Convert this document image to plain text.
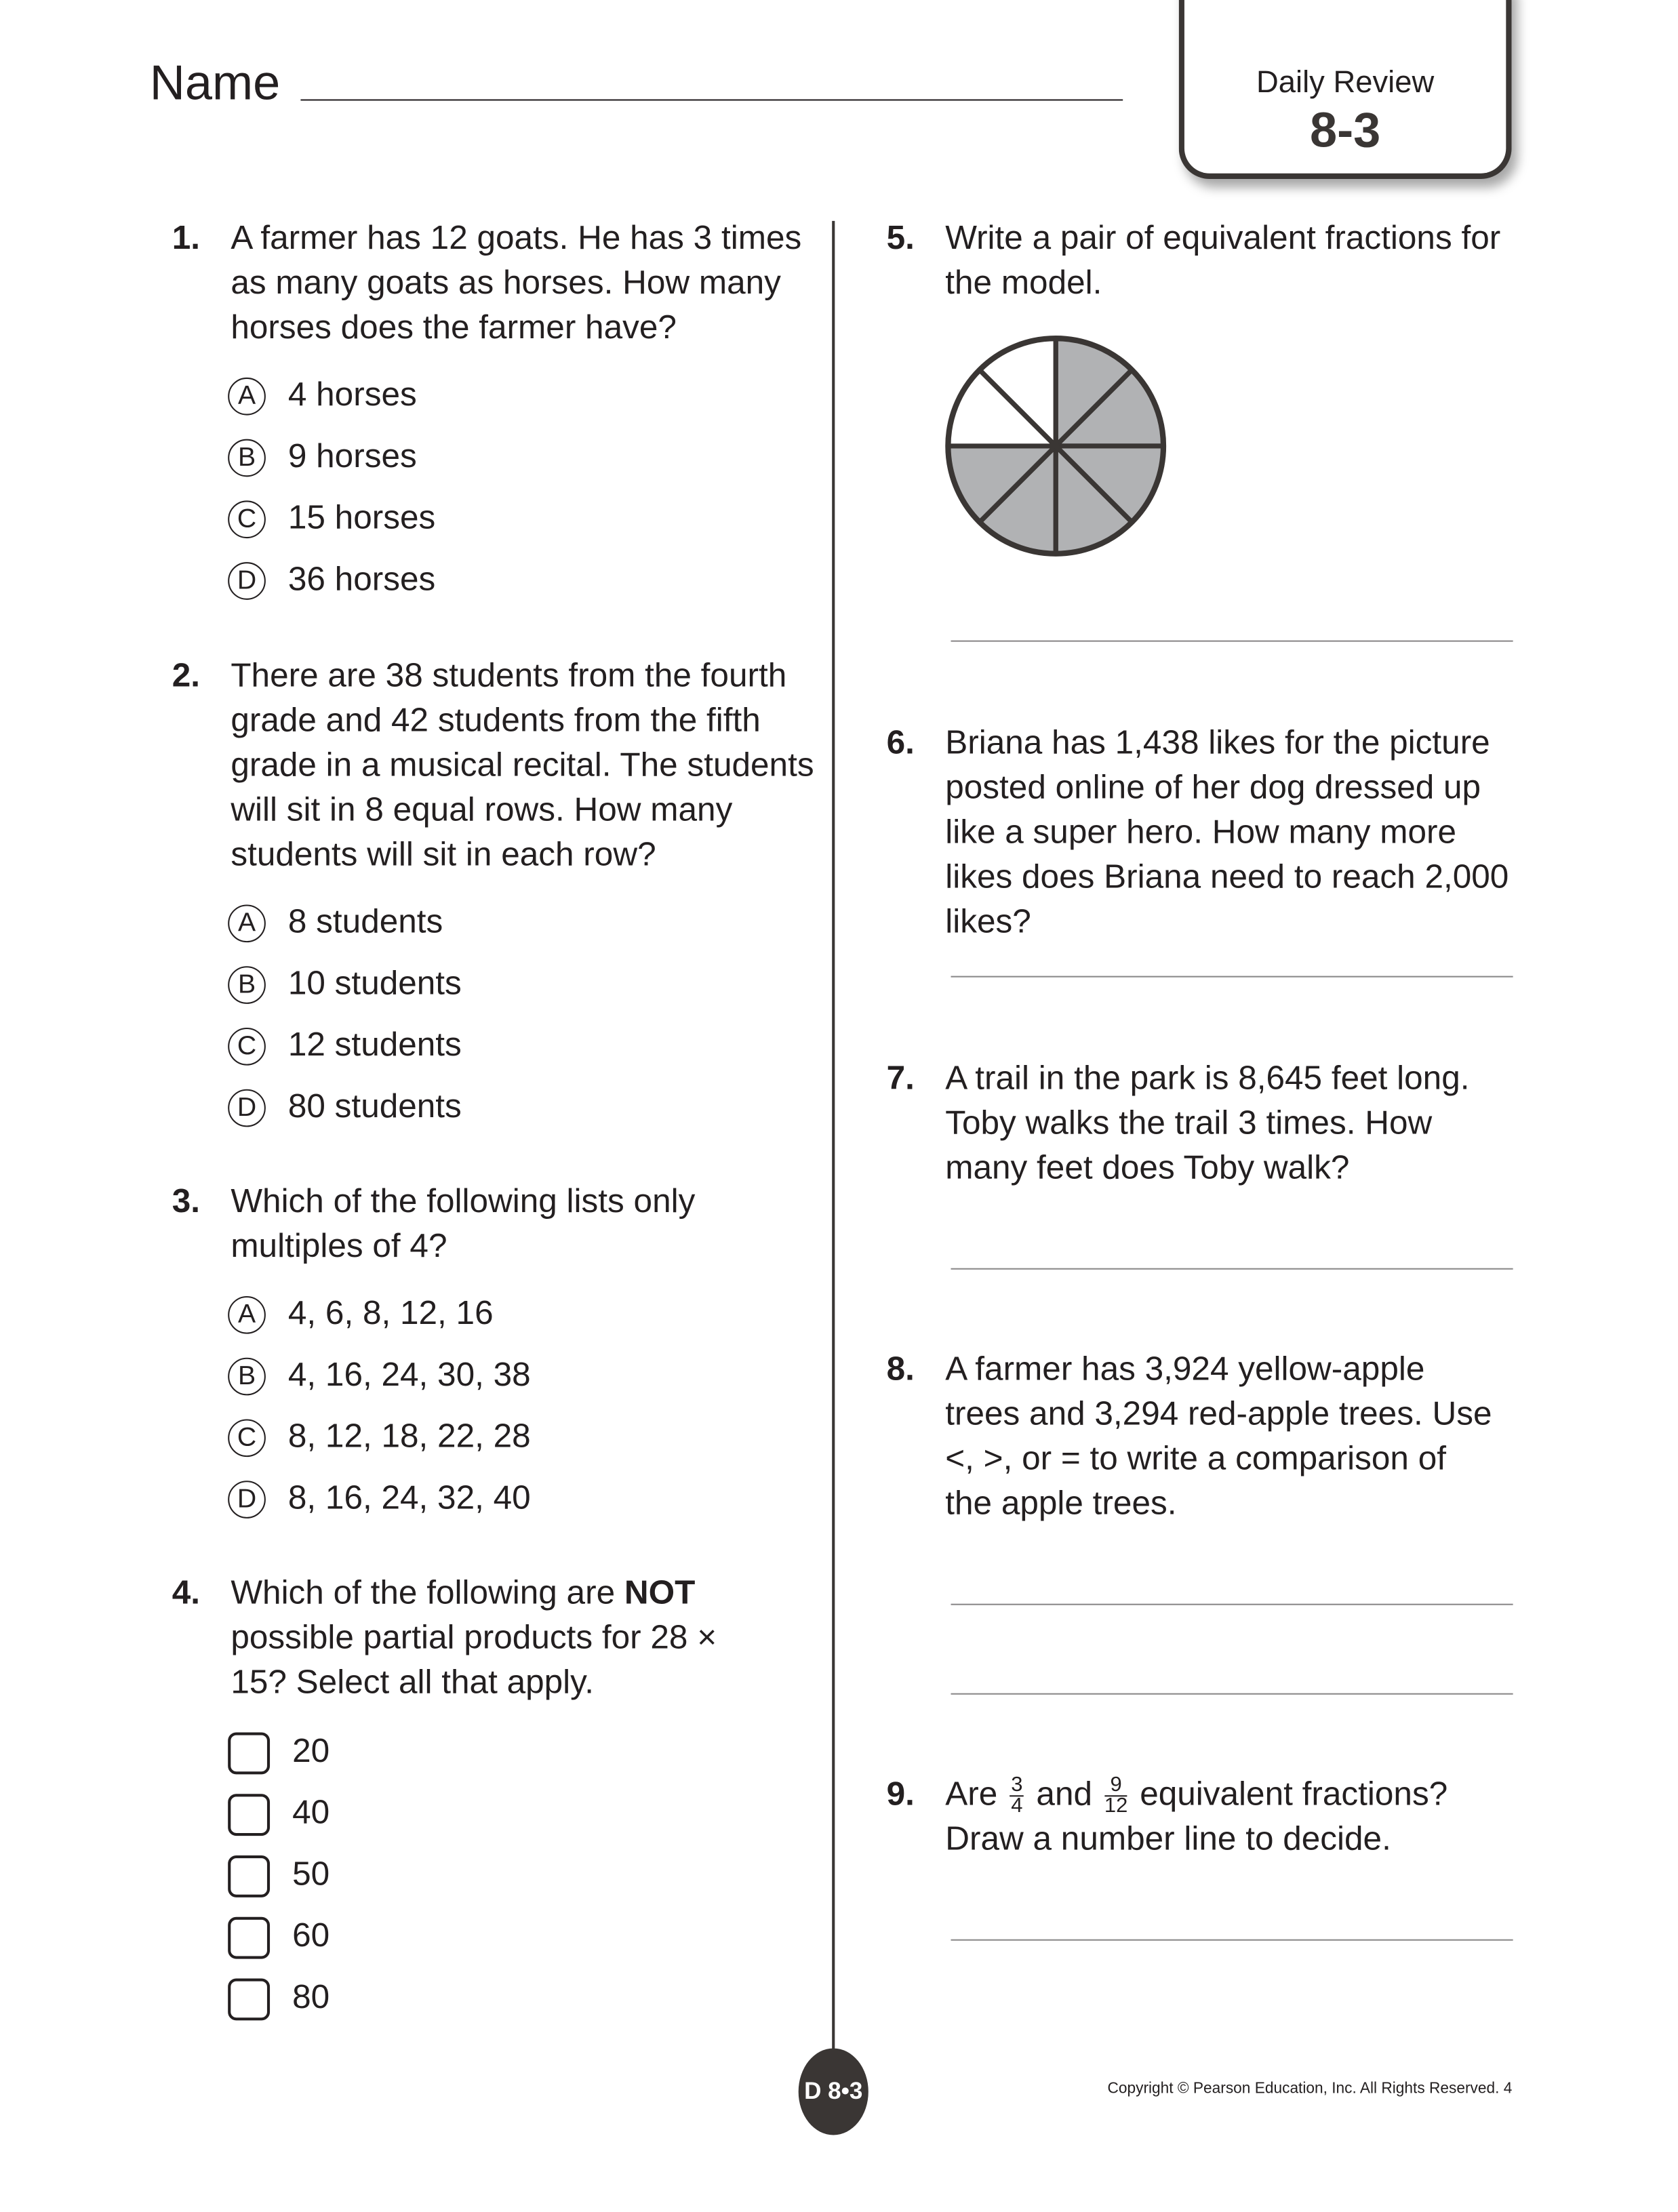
Name	Daily Review
8-3
1. A farmer has 12 goats. He has 3 times as many goats as horses. How many horses does the farmer have?
A 4 horses
B 9 horses
C 15 horses
D 36 horses
2. There are 38 students from the fourth grade and 42 students from the fifth grade in a musical recital. The students will sit in 8 equal rows. How many students will sit in each row?
A 8 students
B 10 students
C 12 students
D 80 students
3. Which of the following lists only multiples of 4?
A 4, 6, 8, 12, 16
B 4, 16, 24, 30, 38
C 8, 12, 18, 22, 28
D 8, 16, 24, 32, 40
4. Which of the following are NOT possible partial products for 28 × 15? Select all that apply.
20
40
50
60
80
5. Write a pair of equivalent fractions for the model.
6. Briana has 1,438 likes for the picture posted online of her dog dressed up like a super hero. How many more likes does Briana need to reach 2,000 likes?
7. A trail in the park is 8,645 feet long. Toby walks the trail 3 times. How many feet does Toby walk?
8. A farmer has 3,924 yellow-apple trees and 3,294 red-apple trees. Use <, >, or = to write a comparison of the apple trees.
9. Are $\frac{3}{4}$ and $\frac{9}{12}$ equivalent fractions? Draw a number line to decide.
D 8•3	Copyright © Pearson Education, Inc. All Rights Reserved. 4
